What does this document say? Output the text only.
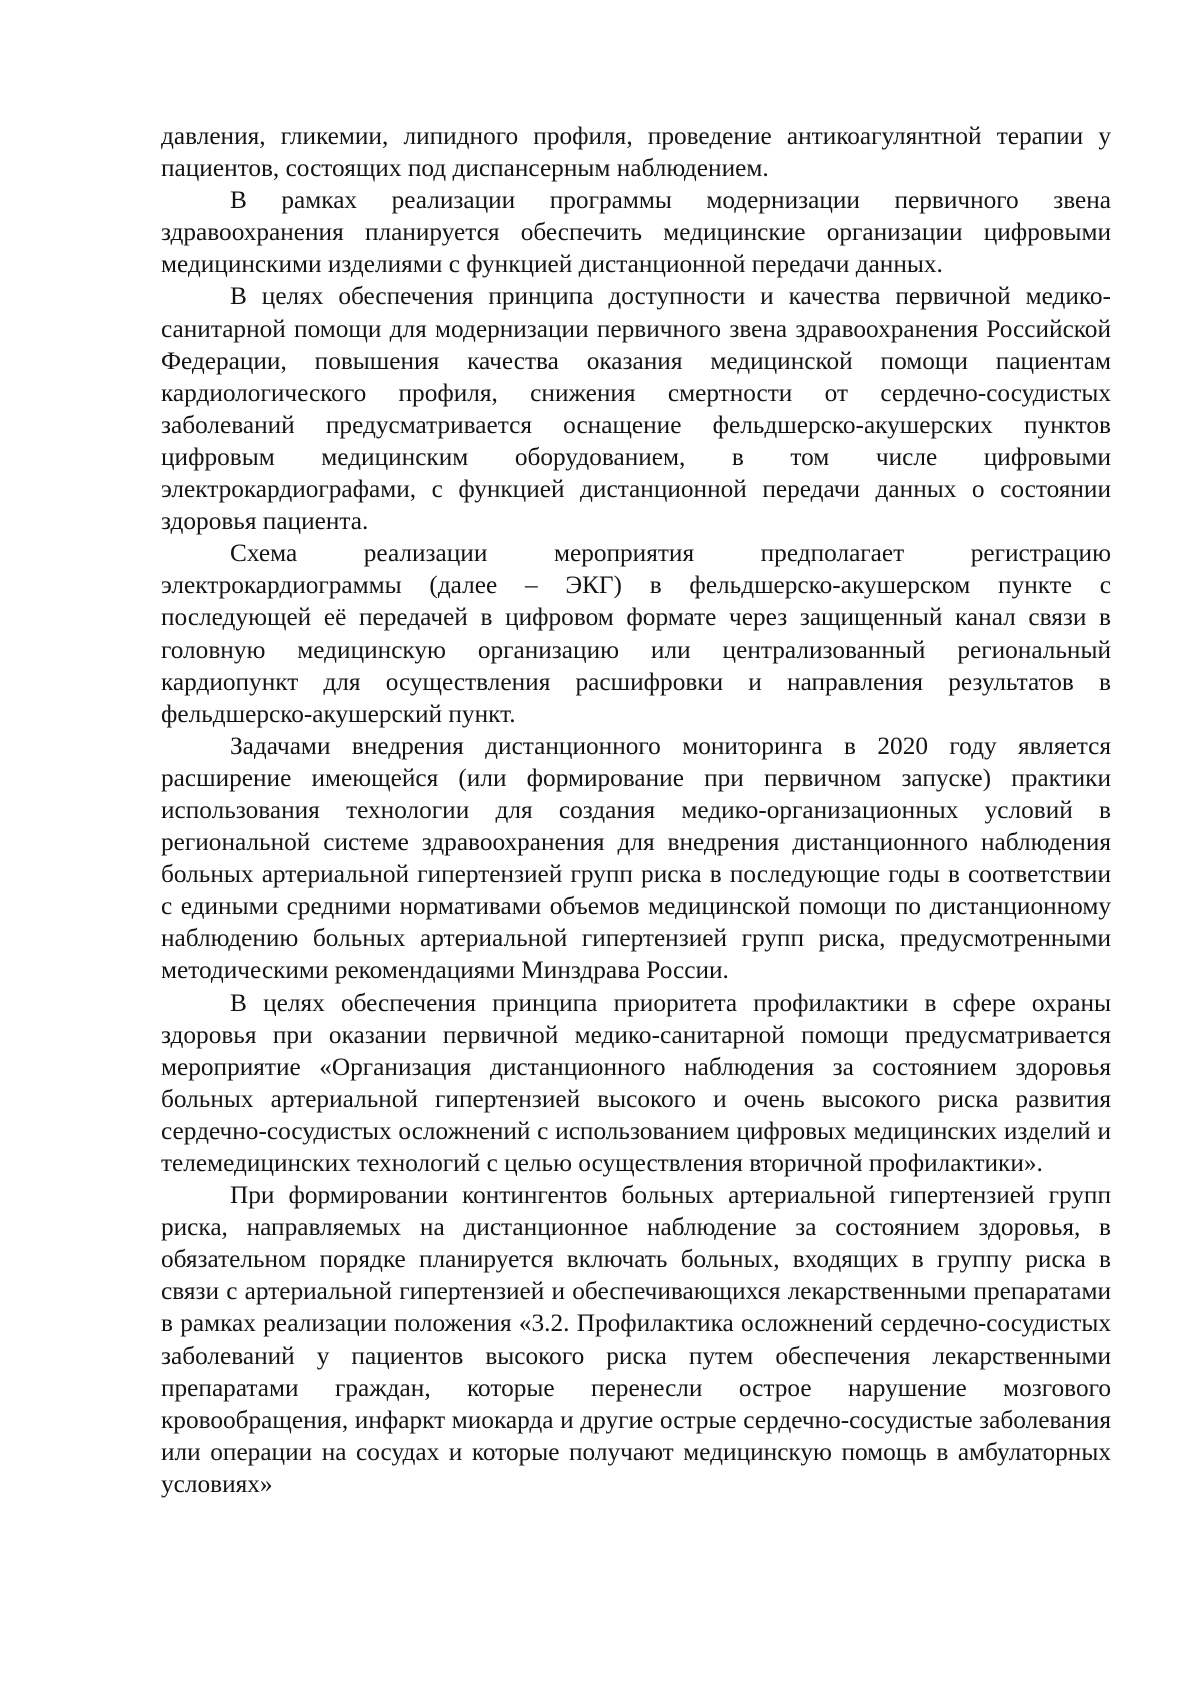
давления, гликемии, липидного профиля, проведение антикоагулянтной терапии у пациентов, состоящих под диспансерным наблюдением.

В рамках реализации программы модернизации первичного звена здравоохранения планируется обеспечить медицинские организации цифровыми медицинскими изделиями с функцией дистанционной передачи данных.

В целях обеспечения принципа доступности и качества первичной медико-санитарной помощи для модернизации первичного звена здравоохранения Российской Федерации, повышения качества оказания медицинской помощи пациентам кардиологического профиля, снижения смертности от сердечно-сосудистых заболеваний предусматривается оснащение фельдшерско-акушерских пунктов цифровым медицинским оборудованием, в том числе цифровыми электрокардиографами, с функцией дистанционной передачи данных о состоянии здоровья пациента.

Схема реализации мероприятия предполагает регистрацию электрокардиограммы (далее – ЭКГ) в фельдшерско-акушерском пункте с последующей её передачей в цифровом формате через защищенный канал связи в головную медицинскую организацию или централизованный региональный кардиопункт для осуществления расшифровки и направления результатов в фельдшерско-акушерский пункт.

Задачами внедрения дистанционного мониторинга в 2020 году является расширение имеющейся (или формирование при первичном запуске) практики использования технологии для создания медико-организационных условий в региональной системе здравоохранения для внедрения дистанционного наблюдения больных артериальной гипертензией групп риска в последующие годы в соответствии с едиными средними нормативами объемов медицинской помощи по дистанционному наблюдению больных артериальной гипертензией групп риска, предусмотренными методическими рекомендациями Минздрава России.

В целях обеспечения принципа приоритета профилактики в сфере охраны здоровья при оказании первичной медико-санитарной помощи предусматривается мероприятие «Организация дистанционного наблюдения за состоянием здоровья больных артериальной гипертензией высокого и очень высокого риска развития сердечно-сосудистых осложнений с использованием цифровых медицинских изделий и телемедицинских технологий с целью осуществления вторичной профилактики».

При формировании контингентов больных артериальной гипертензией групп риска, направляемых на дистанционное наблюдение за состоянием здоровья, в обязательном порядке планируется включать больных, входящих в группу риска в связи с артериальной гипертензией и обеспечивающихся лекарственными препаратами в рамках реализации положения «3.2. Профилактика осложнений сердечно-сосудистых заболеваний у пациентов высокого риска путем обеспечения лекарственными препаратами граждан, которые перенесли острое нарушение мозгового кровообращения, инфаркт миокарда и другие острые сердечно-сосудистые заболевания или операции на сосудах и которые получают медицинскую помощь в амбулаторных условиях»
